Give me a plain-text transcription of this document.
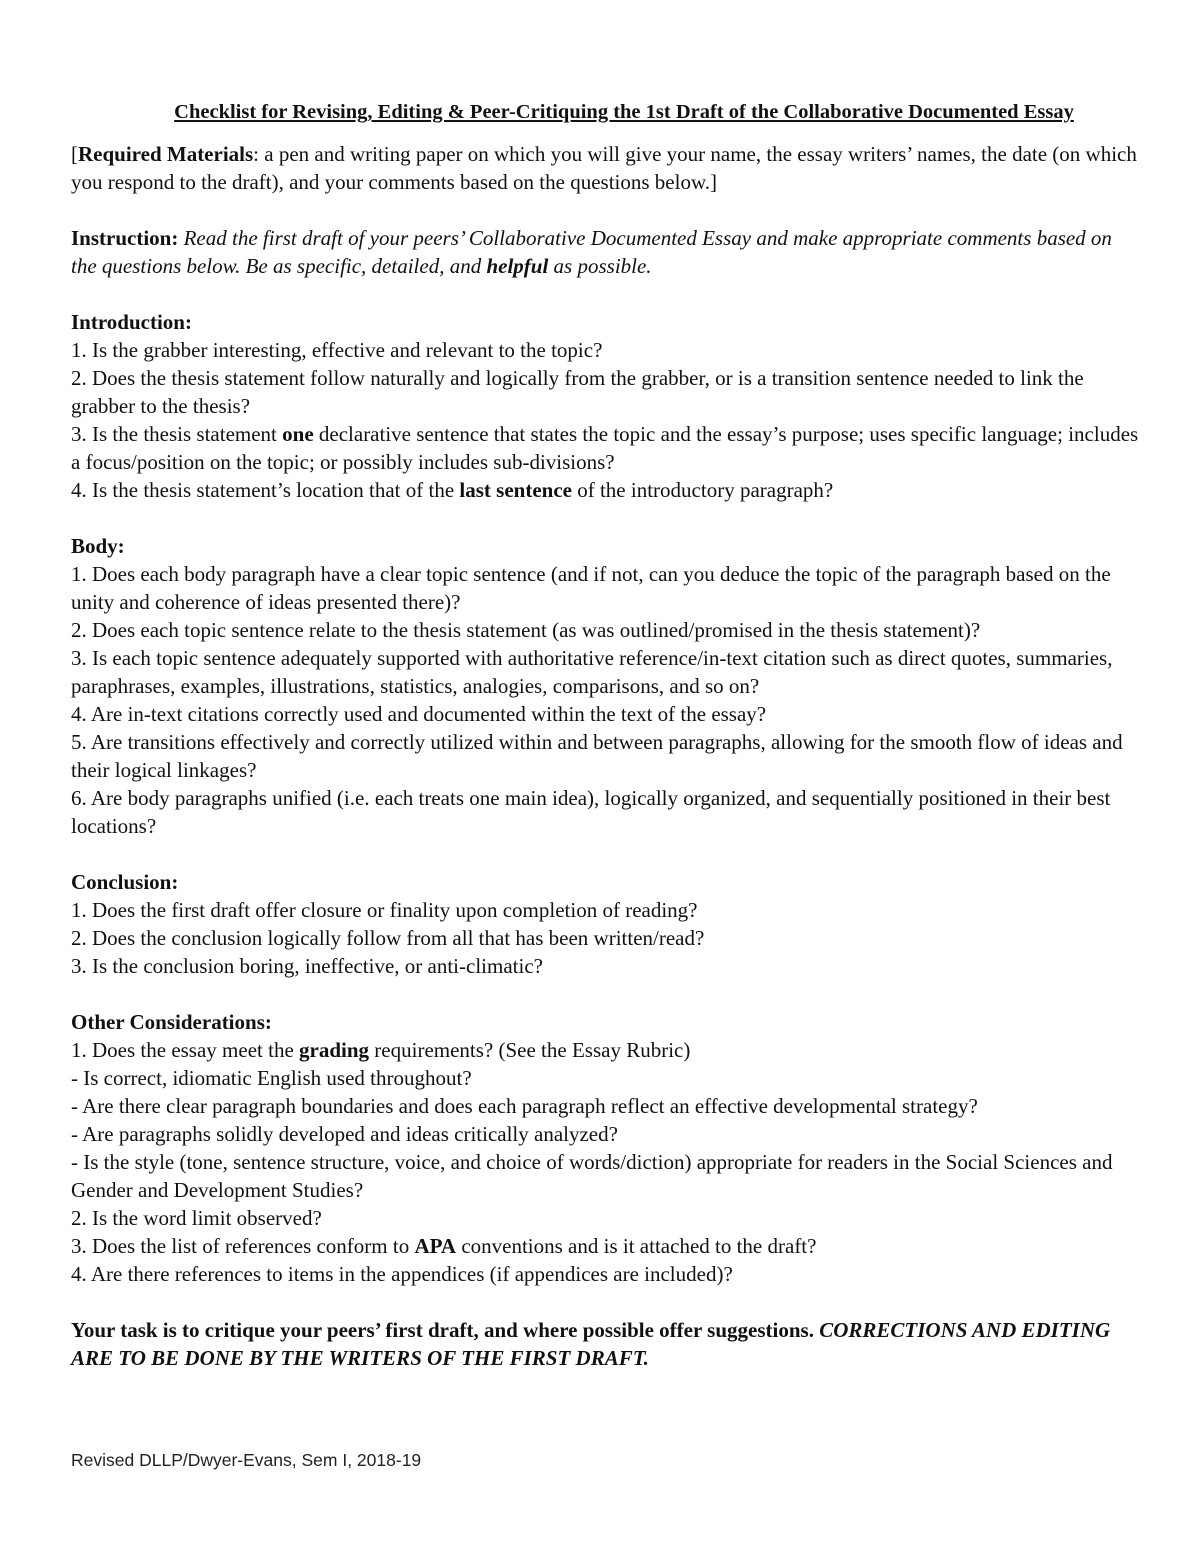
Checklist for Revising, Editing & Peer-Critiquing the 1st Draft of the Collaborative Documented Essay

[Required Materials: a pen and writing paper on which you will give your name, the essay writers’ names, the date (on which you respond to the draft), and your comments based on the questions below.]

Instruction: Read the first draft of your peers’ Collaborative Documented Essay and make appropriate comments based on the questions below. Be as specific, detailed, and helpful as possible.

Introduction:

1. Is the grabber interesting, effective and relevant to the topic?

2. Does the thesis statement follow naturally and logically from the grabber, or is a transition sentence needed to link the grabber to the thesis?

3. Is the thesis statement one declarative sentence that states the topic and the essay’s purpose; uses specific language; includes a focus/position on the topic; or possibly includes sub-divisions?

4. Is the thesis statement’s location that of the last sentence of the introductory paragraph?

Body:

1. Does each body paragraph have a clear topic sentence (and if not, can you deduce the topic of the paragraph based on the unity and coherence of ideas presented there)?

2. Does each topic sentence relate to the thesis statement (as was outlined/promised in the thesis statement)?

3. Is each topic sentence adequately supported with authoritative reference/in-text citation such as direct quotes, summaries, paraphrases, examples, illustrations, statistics, analogies, comparisons, and so on?

4. Are in-text citations correctly used and documented within the text of the essay?

5. Are transitions effectively and correctly utilized within and between paragraphs, allowing for the smooth flow of ideas and their logical linkages?

6. Are body paragraphs unified (i.e. each treats one main idea), logically organized, and sequentially positioned in their best locations?

Conclusion:

1. Does the first draft offer closure or finality upon completion of reading?

2. Does the conclusion logically follow from all that has been written/read?

3. Is the conclusion boring, ineffective, or anti-climatic?

Other Considerations:

1. Does the essay meet the grading requirements? (See the Essay Rubric)

- Is correct, idiomatic English used throughout?

- Are there clear paragraph boundaries and does each paragraph reflect an effective developmental strategy?

- Are paragraphs solidly developed and ideas critically analyzed?

- Is the style (tone, sentence structure, voice, and choice of words/diction) appropriate for readers in the Social Sciences and Gender and Development Studies?

2. Is the word limit observed?

3. Does the list of references conform to APA conventions and is it attached to the draft?

4. Are there references to items in the appendices (if appendices are included)?

Your task is to critique your peers’ first draft, and where possible offer suggestions. CORRECTIONS AND EDITING ARE TO BE DONE BY THE WRITERS OF THE FIRST DRAFT.

Revised DLLP/Dwyer-Evans, Sem I, 2018-19
